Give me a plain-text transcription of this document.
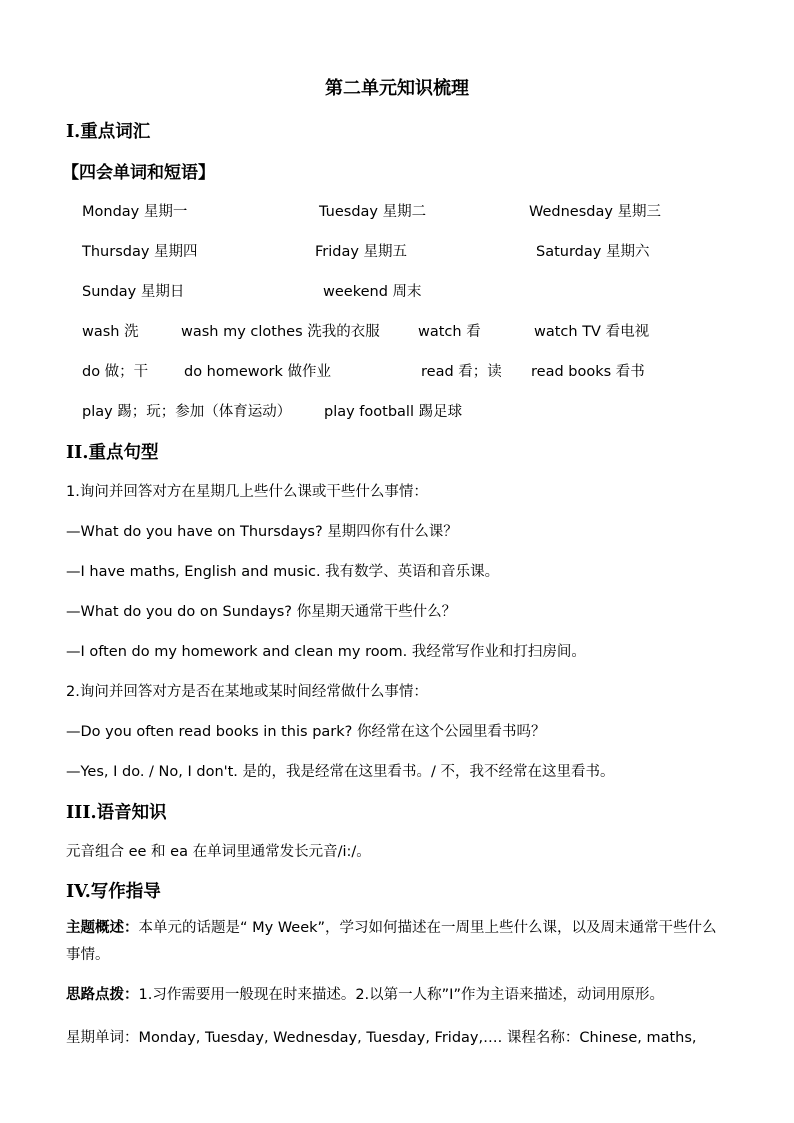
第二单元知识梳理
I.重点词汇
【四会单词和短语】
Monday 星期一	Tuesday 星期二	Wednesday 星期三
Thursday 星期四	Friday 星期五	Saturday 星期六
Sunday 星期日	weekend 周末
wash 洗	wash my clothes 洗我的衣服	watch 看	watch TV 看电视
do 做；干 do homework 做作业	read 看；读 read books 看书
play 踢；玩；参加（体育运动） play football 踢足球
II.重点句型
1.询问并回答对方在星期几上些什么课或干些什么事情：
—What do you have on Thursdays? 星期四你有什么课？
—I have maths, English and music. 我有数学、英语和音乐课。
—What do you do on Sundays? 你星期天通常干些什么？
—I often do my homework and clean my room. 我经常写作业和打扫房间。
2.询问并回答对方是否在某地或某时间经常做什么事情：
—Do you often read books in this park? 你经常在这个公园里看书吗？
—Yes, I do. / No, I don't. 是的，我是经常在这里看书。/ 不，我不经常在这里看书。
III.语音知识
元音组合 ee 和 ea 在单词里通常发长元音/i:/。
IV.写作指导
主题概述：本单元的话题是“ My Week”，学习如何描述在一周里上些什么课，以及周末通常干些什么事情。
思路点拨：1.习作需要用一般现在时来描述。2.以第一人称”I”作为主语来描述，动词用原形。
星期单词：Monday, Tuesday, Wednesday, Tuesday, Friday,…. 课程名称：Chinese, maths,
